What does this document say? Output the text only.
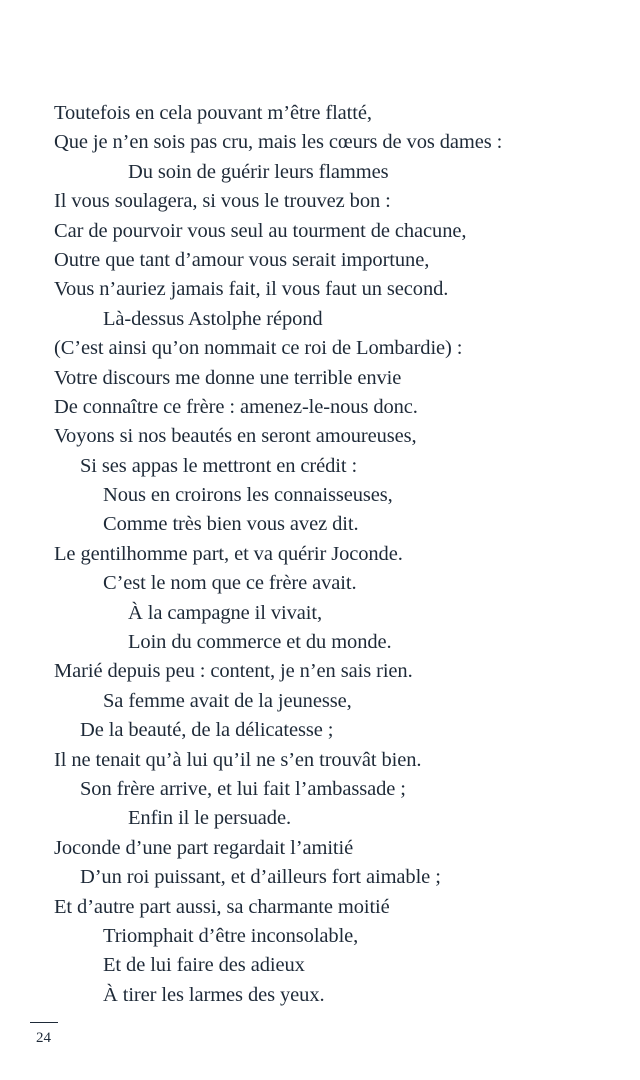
Toutefois en cela pouvant m’être flatté,
Que je n’en sois pas cru, mais les cœurs de vos dames :
Du soin de guérir leurs flammes
Il vous soulagera, si vous le trouvez bon :
Car de pourvoir vous seul au tourment de chacune,
Outre que tant d’amour vous serait importune,
Vous n’auriez jamais fait, il vous faut un second.
Là-dessus Astolphe répond
(C’est ainsi qu’on nommait ce roi de Lombardie) :
Votre discours me donne une terrible envie
De connaître ce frère : amenez-le-nous donc.
Voyons si nos beautés en seront amoureuses,
Si ses appas le mettront en crédit :
Nous en croirons les connaisseuses,
Comme très bien vous avez dit.
Le gentilhomme part, et va quérir Joconde.
C’est le nom que ce frère avait.
À la campagne il vivait,
Loin du commerce et du monde.
Marié depuis peu : content, je n’en sais rien.
Sa femme avait de la jeunesse,
De la beauté, de la délicatesse ;
Il ne tenait qu’à lui qu’il ne s’en trouvât bien.
Son frère arrive, et lui fait l’ambassade ;
Enfin il le persuade.
Joconde d’une part regardait l’amitié
D’un roi puissant, et d’ailleurs fort aimable ;
Et d’autre part aussi, sa charmante moitié
Triomphait d’être inconsolable,
Et de lui faire des adieux
À tirer les larmes des yeux.
24
